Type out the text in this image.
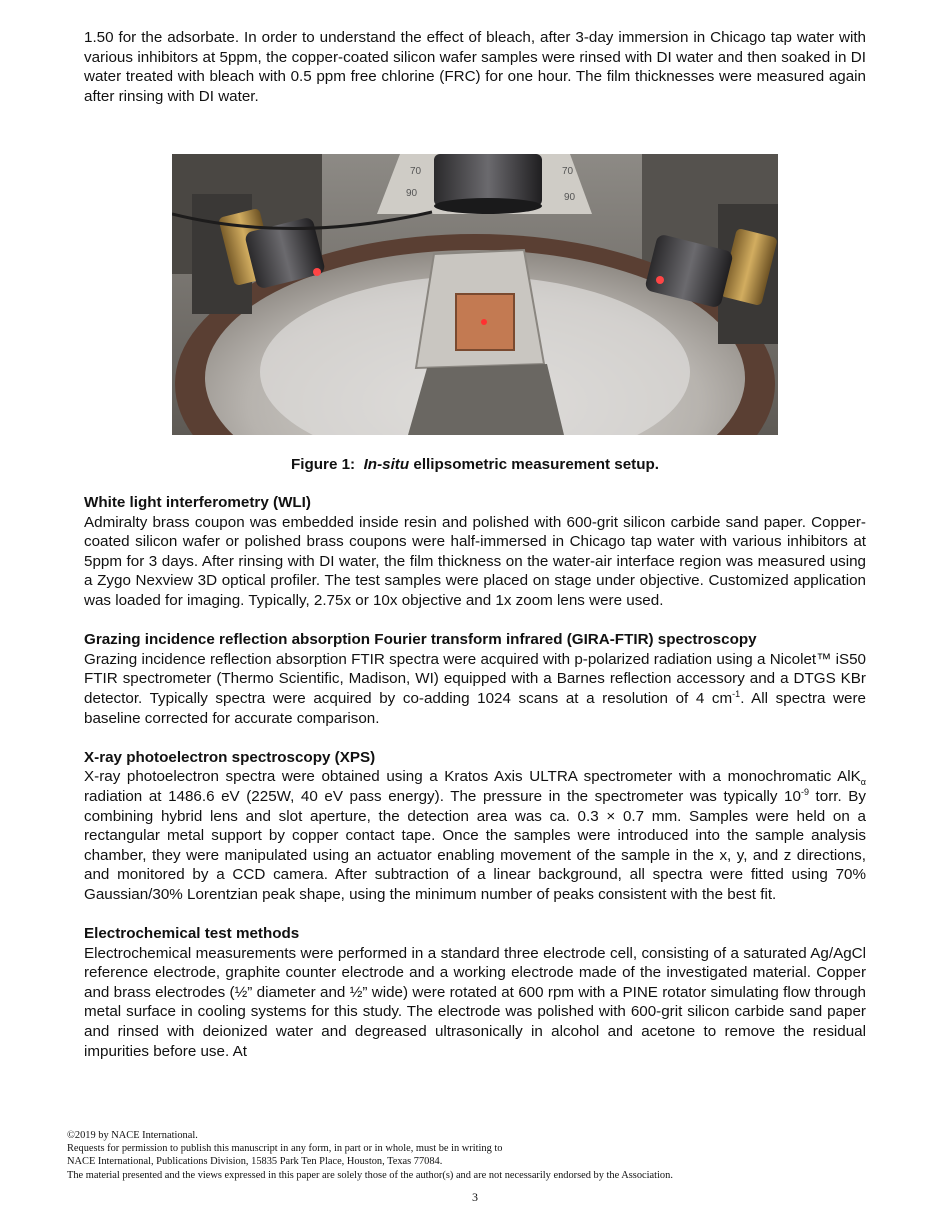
1.50 for the adsorbate. In order to understand the effect of bleach, after 3-day immersion in Chicago tap water with various inhibitors at 5ppm, the copper-coated silicon wafer samples were rinsed with DI water and then soaked in DI water treated with bleach with 0.5 ppm free chlorine (FRC) for one hour. The film thicknesses were measured again after rinsing with DI water.

70
90
70
90
Figure 1: In-situ ellipsometric measurement setup.
White light interferometry (WLI)

Admiralty brass coupon was embedded inside resin and polished with 600-grit silicon carbide sand paper. Copper-coated silicon wafer or polished brass coupons were half-immersed in Chicago tap water with various inhibitors at 5ppm for 3 days. After rinsing with DI water, the film thickness on the water-air interface region was measured using a Zygo Nexview 3D optical profiler. The test samples were placed on stage under objective. Customized application was loaded for imaging. Typically, 2.75x or 10x objective and 1x zoom lens were used.

Grazing incidence reflection absorption Fourier transform infrared (GIRA-FTIR) spectroscopy

Grazing incidence reflection absorption FTIR spectra were acquired with p-polarized radiation using a Nicolet™ iS50 FTIR spectrometer (Thermo Scientific, Madison, WI) equipped with a Barnes reflection accessory and a DTGS KBr detector. Typically spectra were acquired by co-adding 1024 scans at a resolution of 4 $cm^{-1}$. All spectra were baseline corrected for accurate comparison.

X-ray photoelectron spectroscopy (XPS)

X-ray photoelectron spectra were obtained using a Kratos Axis ULTRA spectrometer with a monochromatic AlK$_\alpha$ radiation at 1486.6 eV (225W, 40 eV pass energy). The pressure in the spectrometer was typically $10^{-9}$ torr. By combining hybrid lens and slot aperture, the detection area was ca. 0.3 × 0.7 mm. Samples were held on a rectangular metal support by copper contact tape. Once the samples were introduced into the sample analysis chamber, they were manipulated using an actuator enabling movement of the sample in the x, y, and z directions, and monitored by a CCD camera. After subtraction of a linear background, all spectra were fitted using 70% Gaussian/30% Lorentzian peak shape, using the minimum number of peaks consistent with the best fit.

Electrochemical test methods

Electrochemical measurements were performed in a standard three electrode cell, consisting of a saturated Ag/AgCl reference electrode, graphite counter electrode and a working electrode made of the investigated material. Copper and brass electrodes (½” diameter and ½” wide) were rotated at 600 rpm with a PINE rotator simulating flow through metal surface in cooling systems for this study. The electrode was polished with 600-grit silicon carbide sand paper and rinsed with deionized water and degreased ultrasonically in alcohol and acetone to remove the residual impurities before use. At

©2019 by NACE International.
Requests for permission to publish this manuscript in any form, in part or in whole, must be in writing to
NACE International, Publications Division, 15835 Park Ten Place, Houston, Texas 77084.
The material presented and the views expressed in this paper are solely those of the author(s) and are not necessarily endorsed by the Association.
3
